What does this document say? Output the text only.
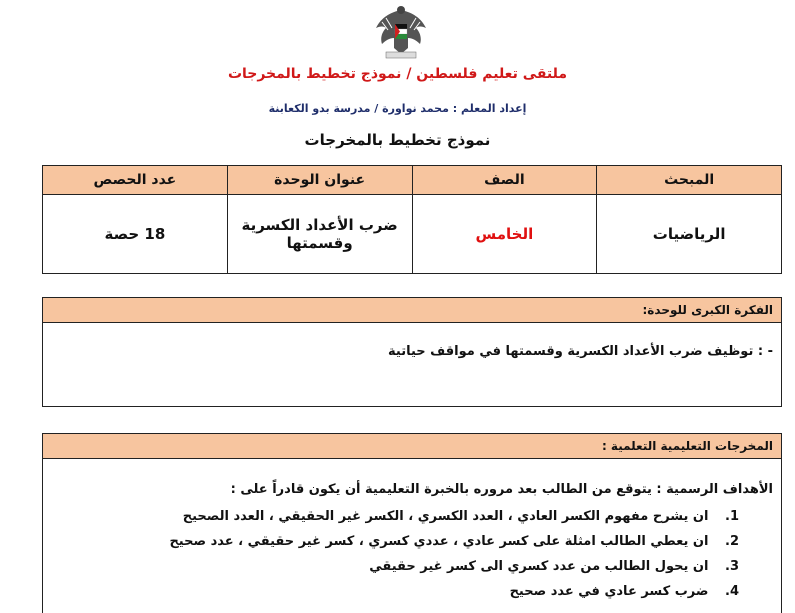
ملتقى تعليم فلسطين / نموذج تخطيط بالمخرجات
إعداد المعلم : محمد نواورة / مدرسة بدو الكعابنة
نموذج تخطيط بالمخرجات
المبحث	الصف	عنوان الوحدة	عدد الحصص
الرياضيات	الخامس	ضرب الأعداد الكسرية وقسمتها	18 حصة
الفكرة الكبرى للوحدة:
- : توظيف ضرب الأعداد الكسرية وقسمتها في مواقف حياتية
المخرجات التعليمية التعلمية :
الأهداف الرسمية : يتوقع من الطالب بعد مروره بالخبرة التعليمية أن يكون قادراً على :
1. ان يشرح مفهوم الكسر العادي ، العدد الكسري ، الكسر غير الحقيقي ، العدد الصحيح
2. ان يعطي الطالب امثلة على كسر عادي ، عددي كسري ، كسر غير حقيقي ، عدد صحيح
3. ان يحول الطالب من عدد كسري الى كسر غير حقيقي
4. ضرب كسر عادي في عدد صحيح
